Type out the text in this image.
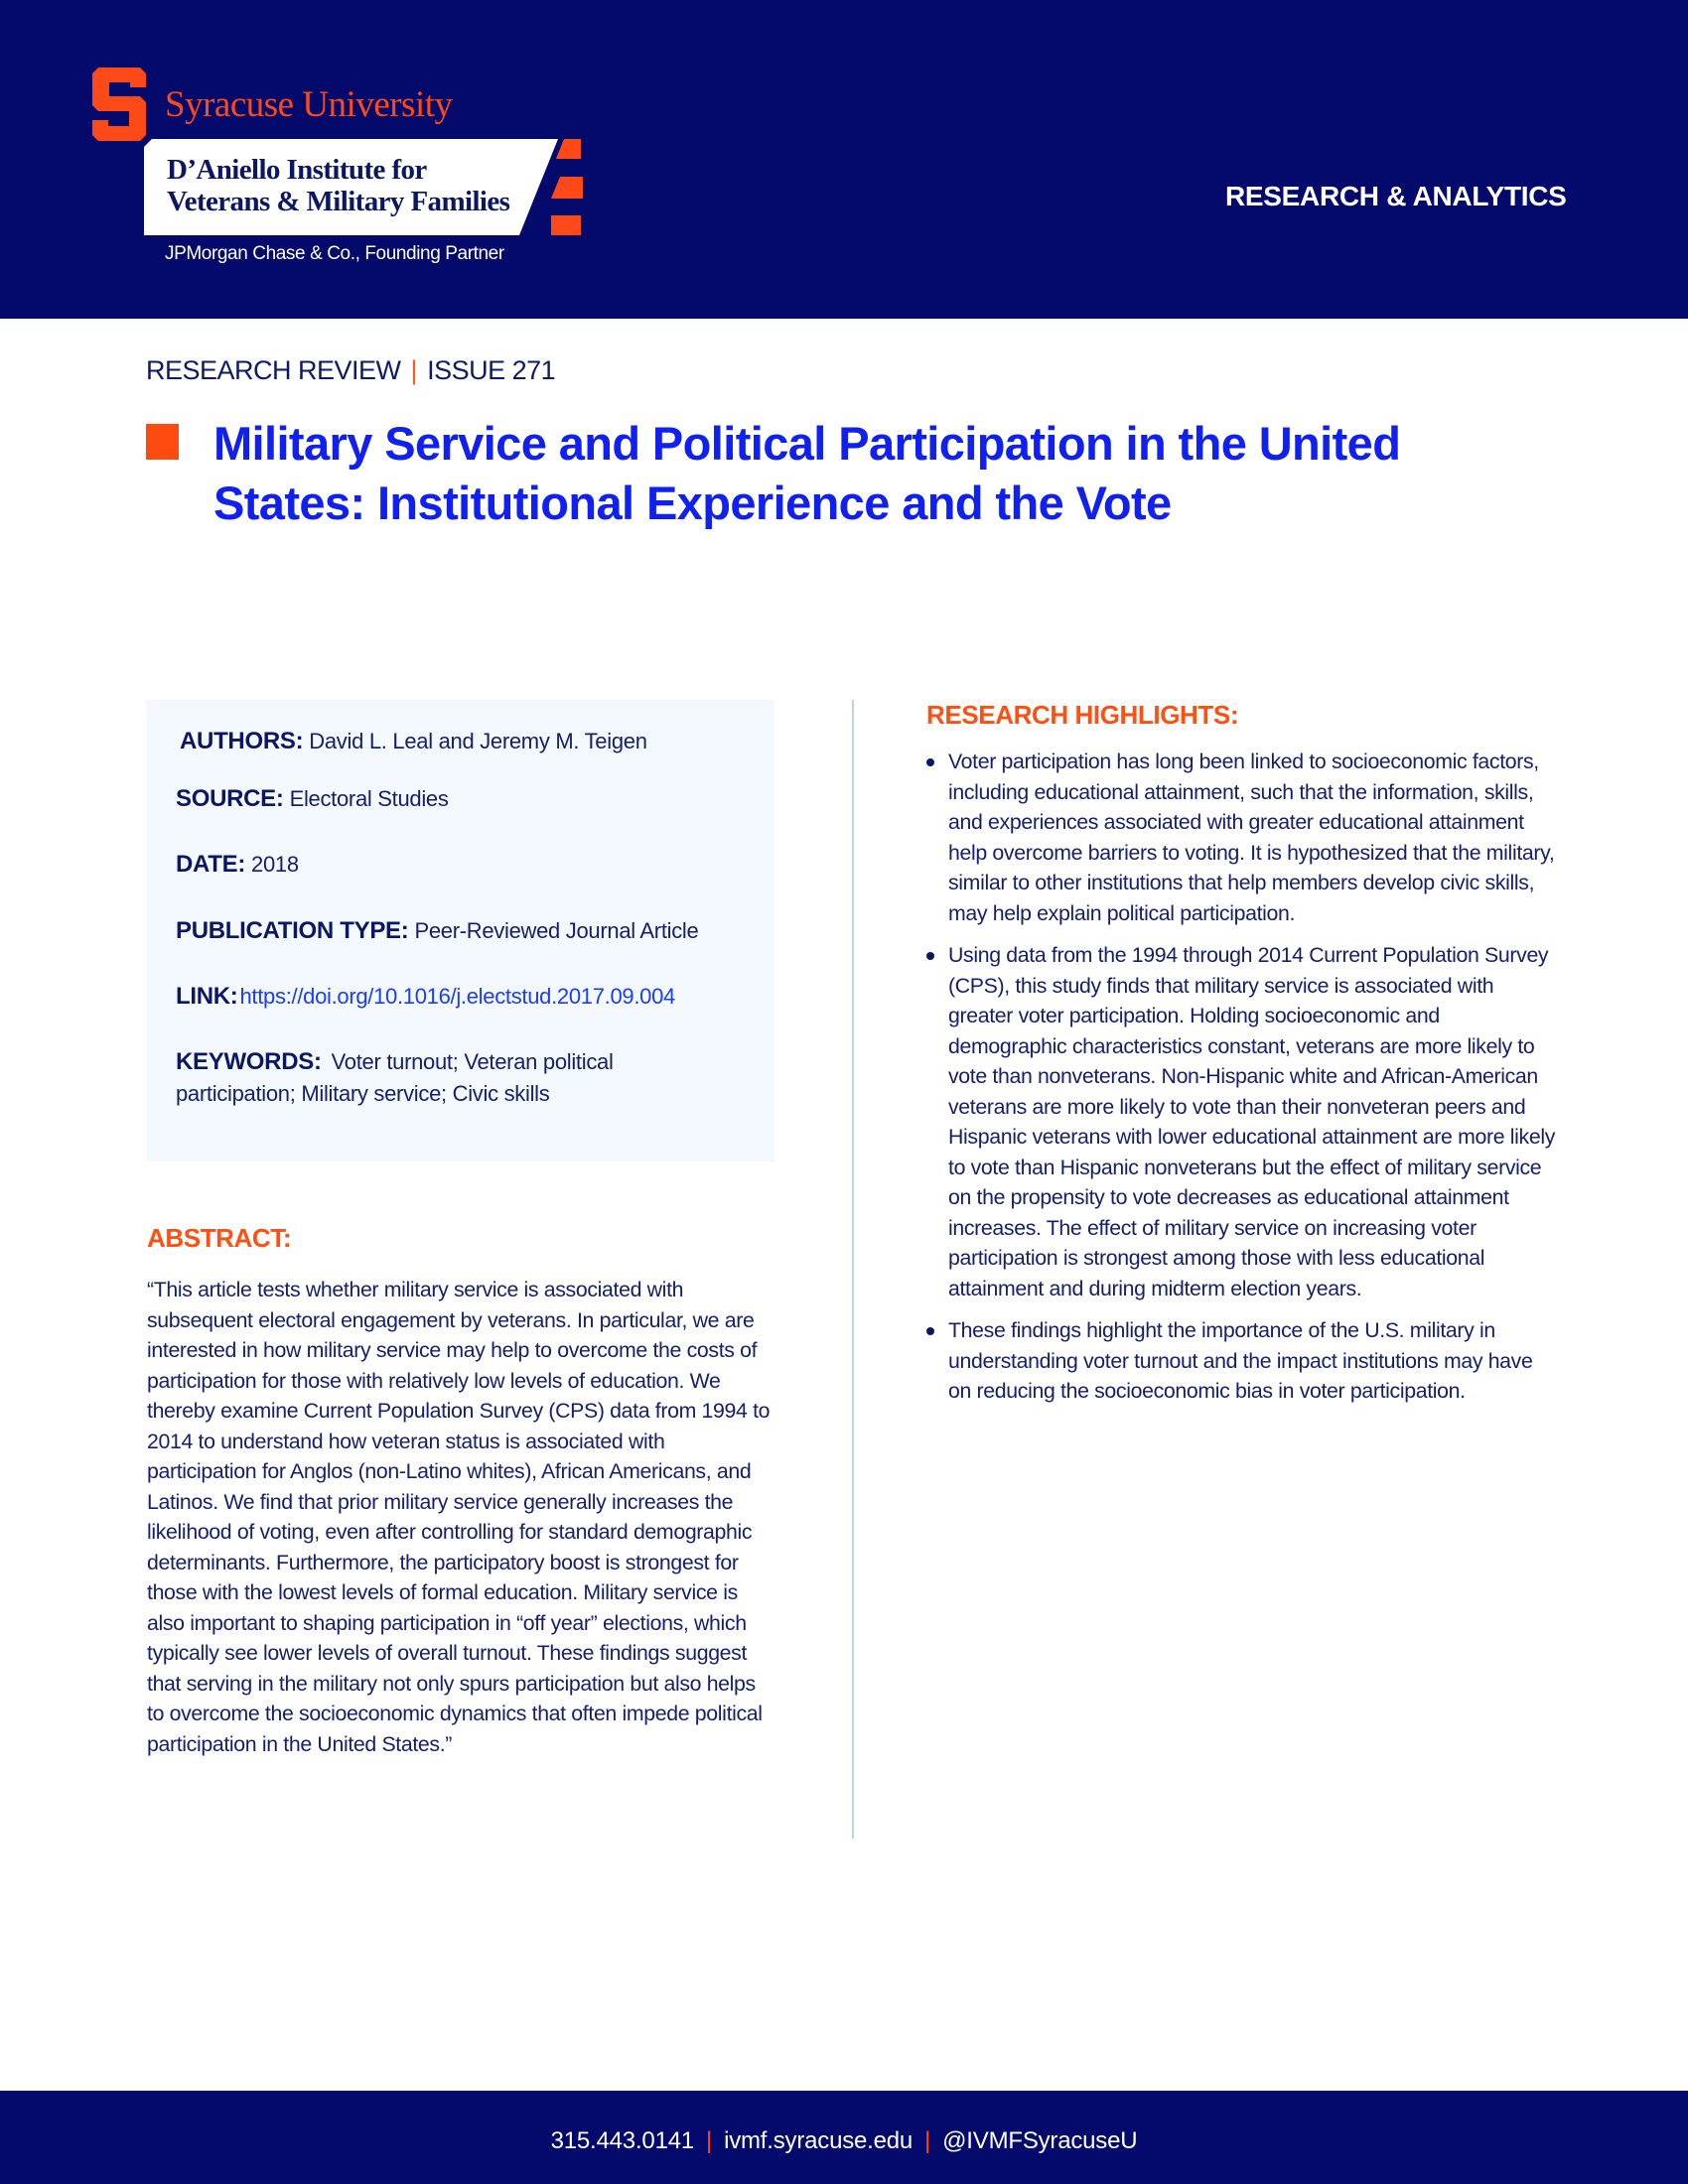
Syracuse University
D’Aniello Institute for
Veterans & Military Families
JPMorgan Chase & Co., Founding Partner
RESEARCH & ANALYTICS
RESEARCH REVIEW | ISSUE 271
Military Service and Political Participation in the United States: Institutional Experience and the Vote
AUTHORS: David L. Leal and Jeremy M. Teigen
SOURCE: Electoral Studies
DATE: 2018
PUBLICATION TYPE: Peer-Reviewed Journal Article
LINK:https://doi.org/10.1016/j.electstud.2017.09.004
KEYWORDS: Voter turnout; Veteran political participation; Military service; Civic skills
ABSTRACT:
“This article tests whether military service is associated with subsequent electoral engagement by veterans. In particular, we are interested in how military service may help to overcome the costs of participation for those with relatively low levels of education. We thereby examine Current Population Survey (CPS) data from 1994 to 2014 to understand how veteran status is associated with participation for Anglos (non-Latino whites), African Americans, and Latinos. We find that prior military service generally increases the likelihood of voting, even after controlling for standard demographic determinants. Furthermore, the participatory boost is strongest for those with the lowest levels of formal education. Military service is also important to shaping participation in “off year” elections, which typically see lower levels of overall turnout. These findings suggest that serving in the military not only spurs participation but also helps to overcome the socioeconomic dynamics that often impede political participation in the United States.”
RESEARCH HIGHLIGHTS:
Voter participation has long been linked to socioeconomic factors, including educational attainment, such that the information, skills, and experiences associated with greater educational attainment help overcome barriers to voting. It is hypothesized that the military, similar to other institutions that help members develop civic skills, may help explain political participation.
Using data from the 1994 through 2014 Current Population Survey (CPS), this study finds that military service is associated with greater voter participation. Holding socioeconomic and demographic characteristics constant, veterans are more likely to vote than nonveterans. Non-Hispanic white and African-American veterans are more likely to vote than their nonveteran peers and Hispanic veterans with lower educational attainment are more likely to vote than Hispanic nonveterans but the effect of military service on the propensity to vote decreases as educational attainment increases. The effect of military service on increasing voter participation is strongest among those with less educational attainment and during midterm election years.
These findings highlight the importance of the U.S. military in understanding voter turnout and the impact institutions may have on reducing the socioeconomic bias in voter participation.
315.443.0141 | ivmf.syracuse.edu | @IVMFSyracuseU
